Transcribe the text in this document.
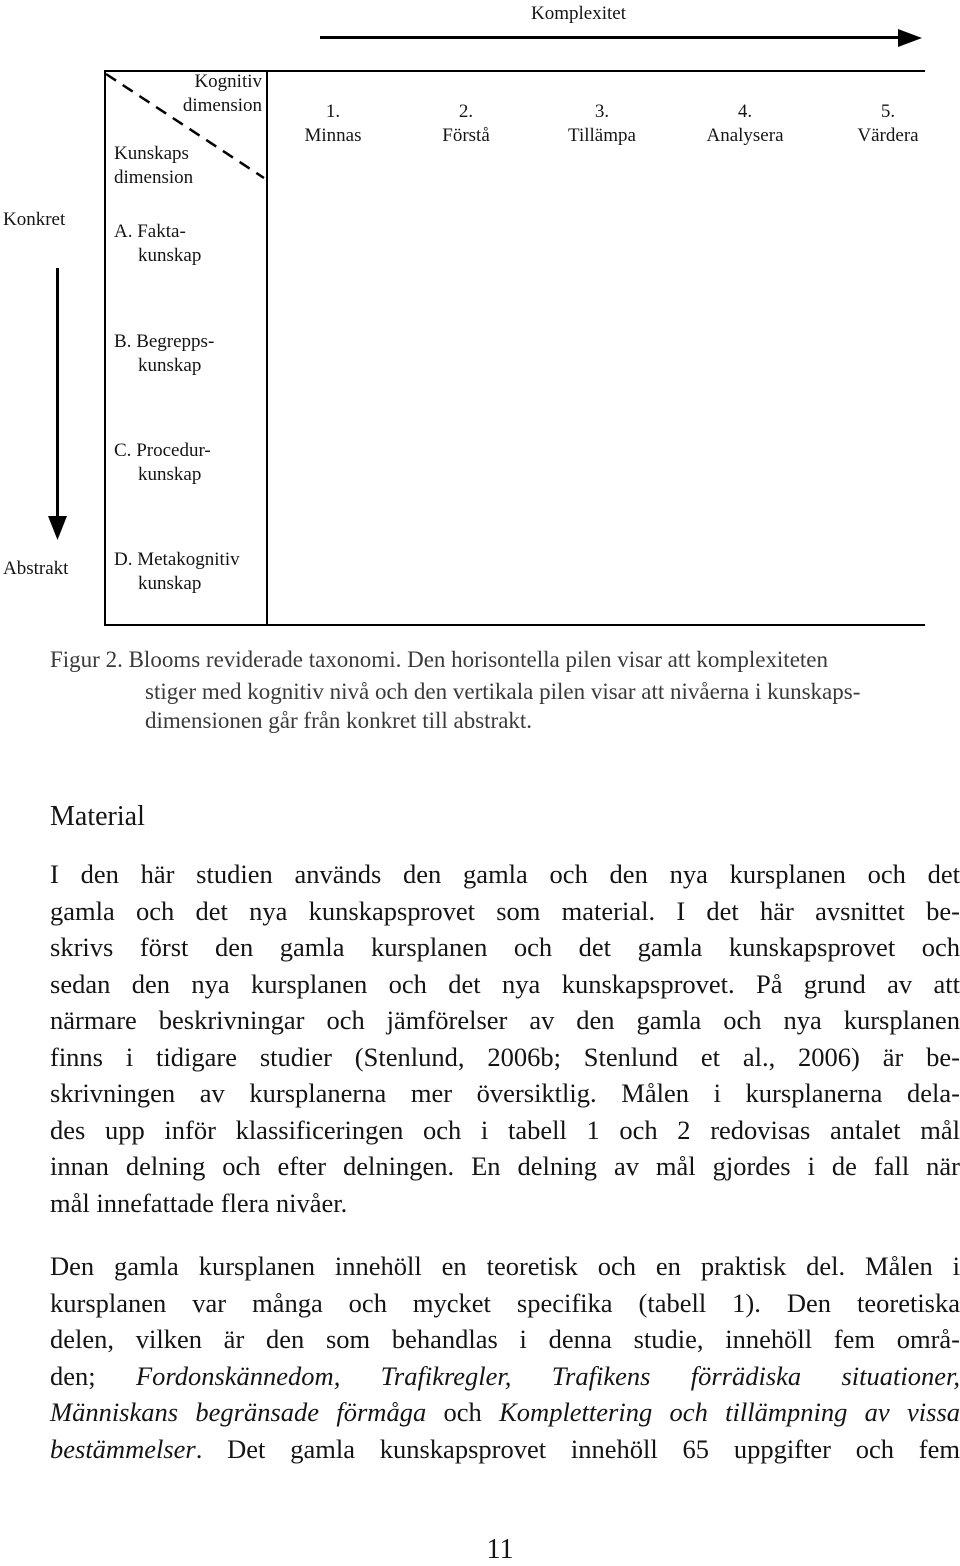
Komplexitet
Kognitiv
dimension
Kunskaps
dimension
1.
Minnas
2.
Förstå
3.
Tillämpa
4.
Analysera
5.
Värdera
A. Fakta-
kunskap
B. Begrepps-
kunskap
C. Procedur-
kunskap
D. Metakognitiv
kunskap
Konkret
Abstrakt
Figur 2. Blooms reviderade taxonomi. Den horisontella pilen visar att komplexiteten
stiger med kognitiv nivå och den vertikala pilen visar att nivåerna i kunskaps-
dimensionen går från konkret till abstrakt.
Material
I den här studien används den gamla och den nya kursplanen och det
gamla och det nya kunskapsprovet som material. I det här avsnittet be-
skrivs först den gamla kursplanen och det gamla kunskapsprovet och
sedan den nya kursplanen och det nya kunskapsprovet. På grund av att
närmare beskrivningar och jämförelser av den gamla och nya kursplanen
finns i tidigare studier (Stenlund, 2006b; Stenlund et al., 2006) är be-
skrivningen av kursplanerna mer översiktlig. Målen i kursplanerna dela-
des upp inför klassificeringen och i tabell 1 och 2 redovisas antalet mål
innan delning och efter delningen. En delning av mål gjordes i de fall när
mål innefattade flera nivåer.
Den gamla kursplanen innehöll en teoretisk och en praktisk del. Målen i
kursplanen var många och mycket specifika (tabell 1). Den teoretiska
delen, vilken är den som behandlas i denna studie, innehöll fem områ-
den; Fordonskännedom, Trafikregler, Trafikens förrädiska situationer,
Människans begränsade förmåga och Komplettering och tillämpning av vissa
bestämmelser. Det gamla kunskapsprovet innehöll 65 uppgifter och fem
11
